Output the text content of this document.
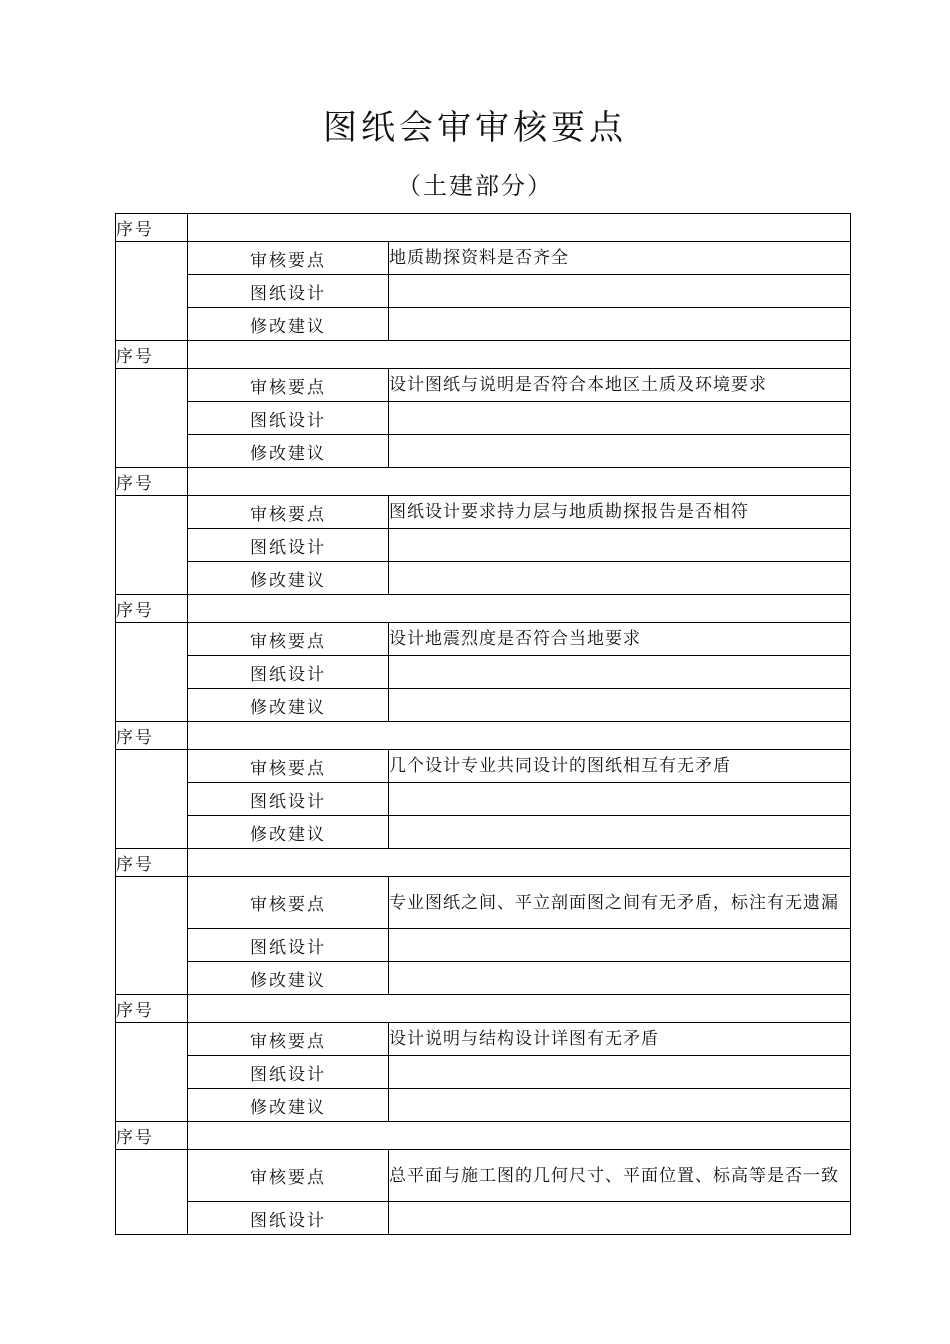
图纸会审审核要点
（土建部分）
序号		
	审核要点	地质勘探资料是否齐全
	图纸设计	
	修改建议	
序号		
	审核要点	设计图纸与说明是否符合本地区土质及环境要求
	图纸设计	
	修改建议	
序号		
	审核要点	图纸设计要求持力层与地质勘探报告是否相符
	图纸设计	
	修改建议	
序号		
	审核要点	设计地震烈度是否符合当地要求
	图纸设计	
	修改建议	
序号		
	审核要点	几个设计专业共同设计的图纸相互有无矛盾
	图纸设计	
	修改建议	
序号		
	审核要点	专业图纸之间、平立剖面图之间有无矛盾，标注有无遗漏
	图纸设计	
	修改建议	
序号		
	审核要点	设计说明与结构设计详图有无矛盾
	图纸设计	
	修改建议	
序号		
	审核要点	总平面与施工图的几何尺寸、平面位置、标高等是否一致
	图纸设计	
